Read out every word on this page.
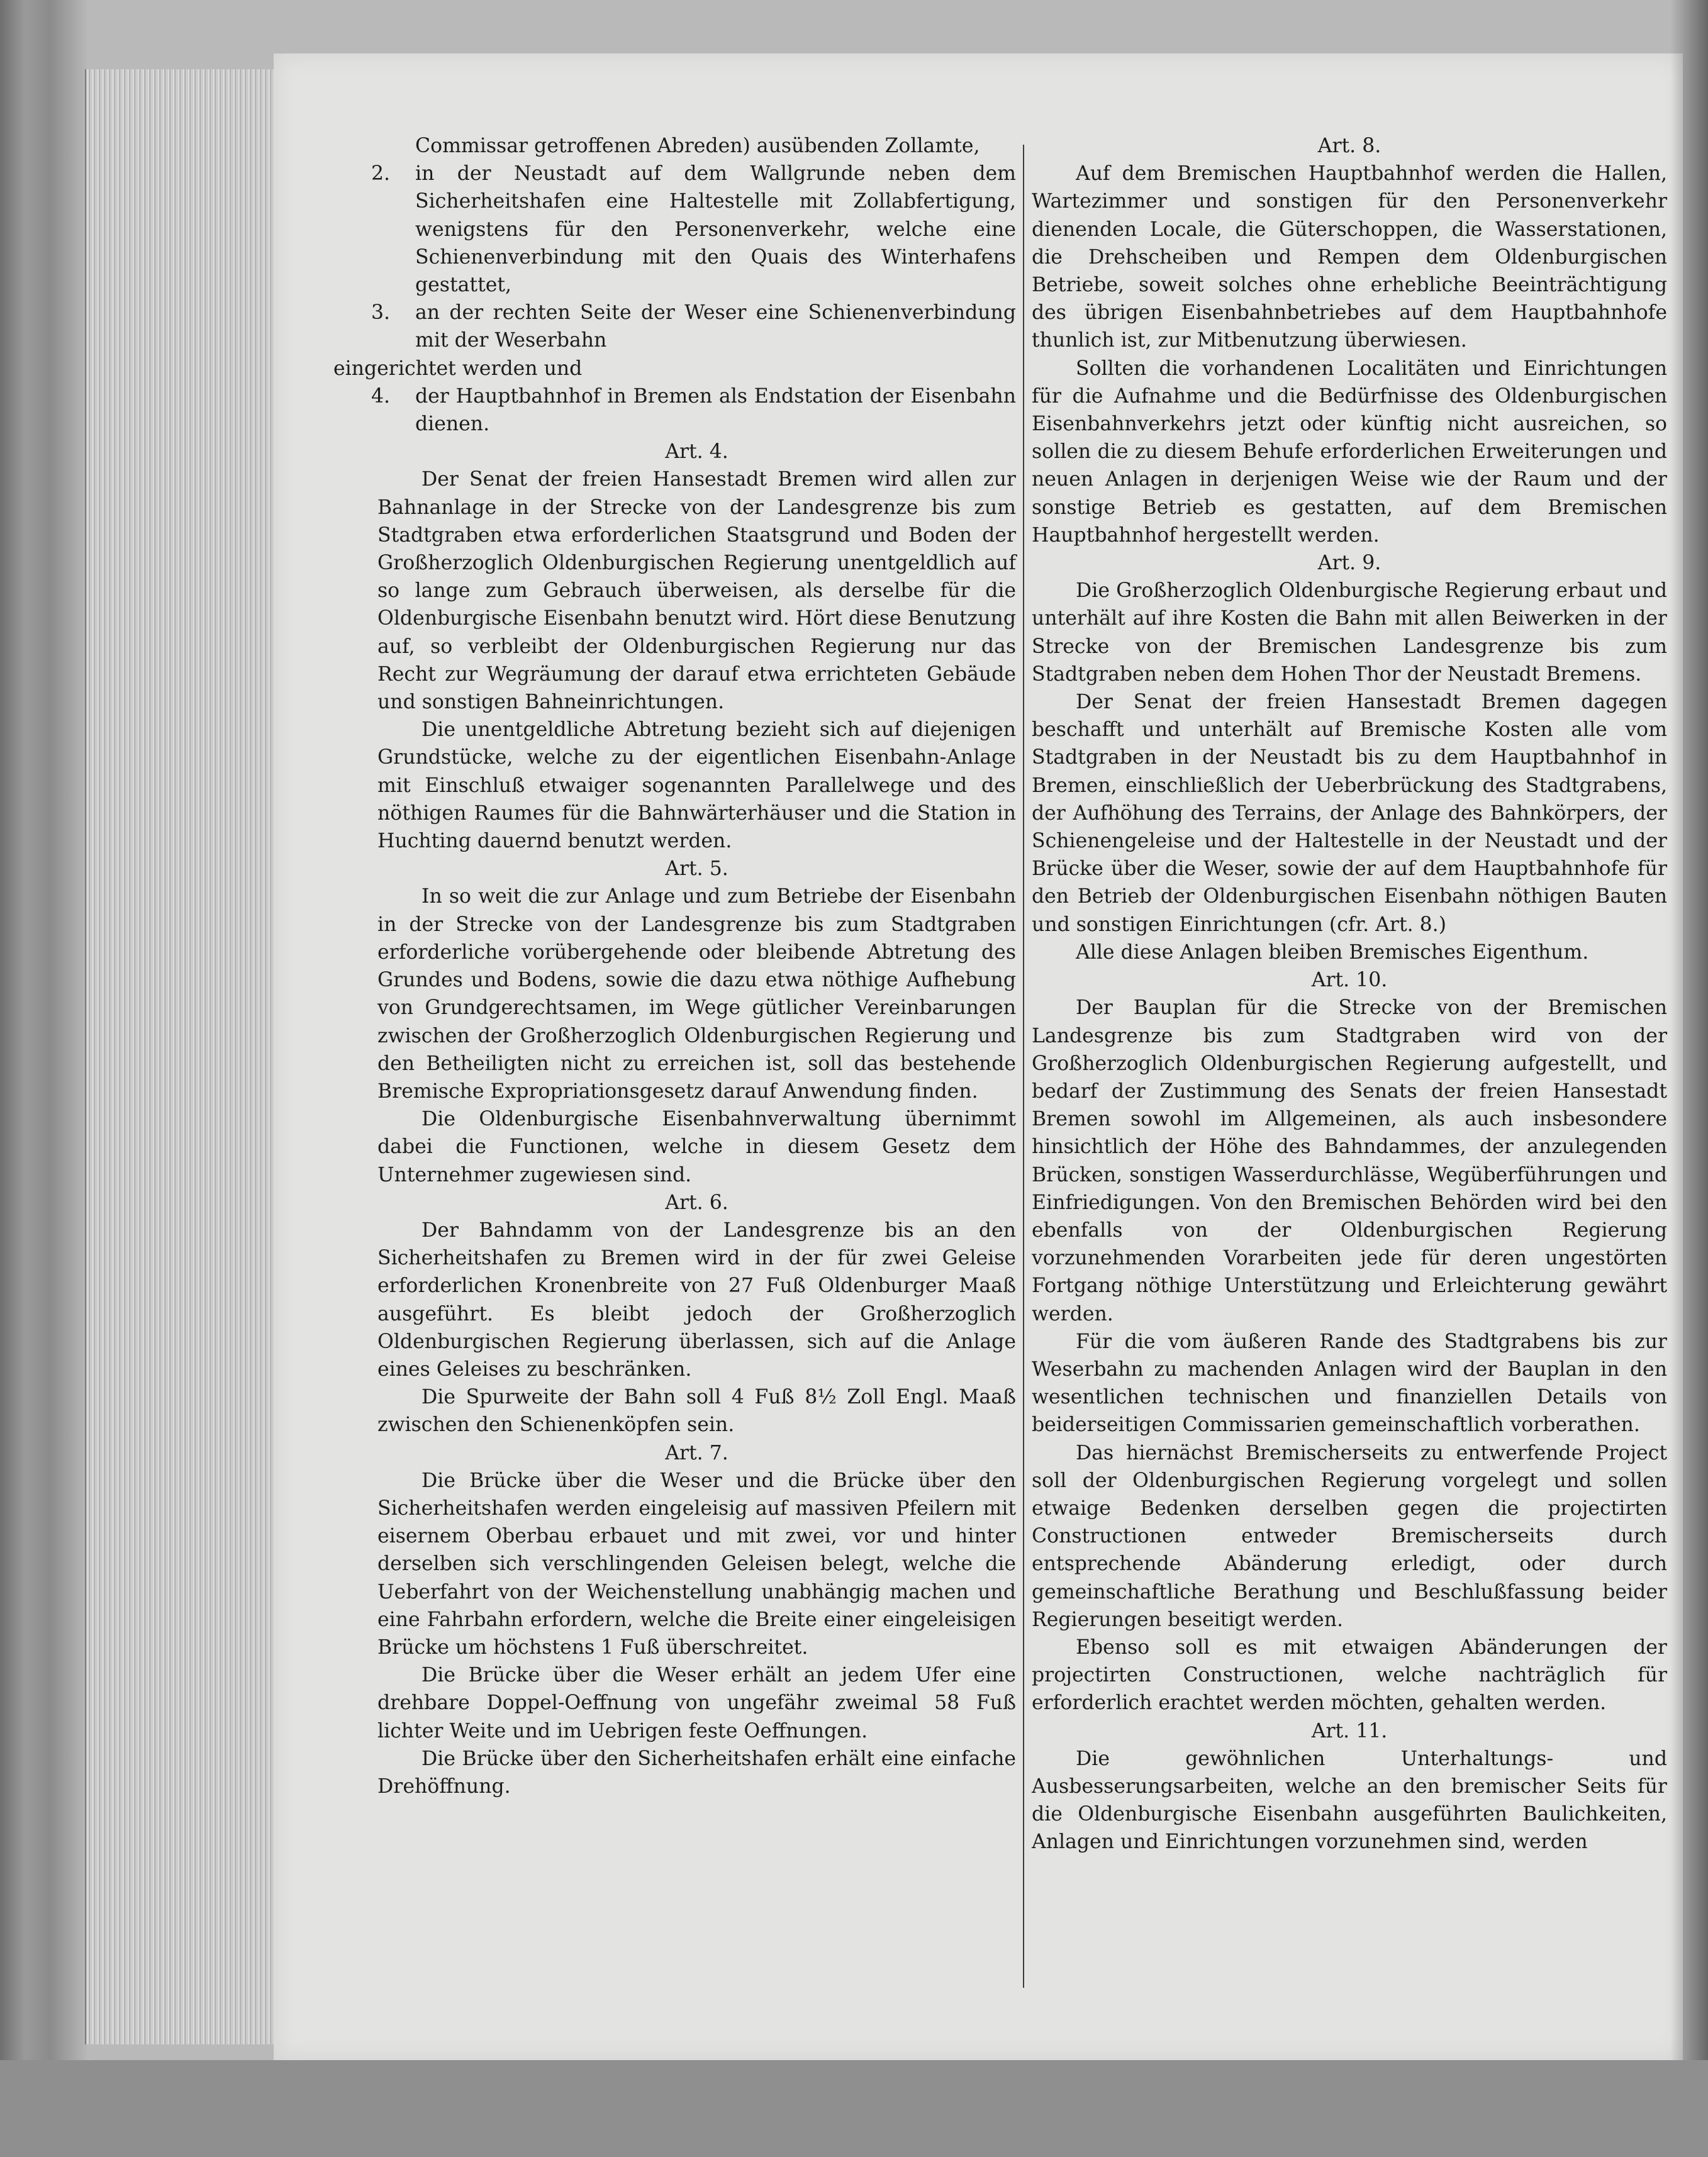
Commissar getroffenen Abreden) ausübenden Zollamte,

2. in der Neustadt auf dem Wallgrunde neben dem Sicherheitshafen eine Haltestelle mit Zollabfertigung, wenigstens für den Personenverkehr, welche eine Schienenverbindung mit den Quais des Winterhafens gestattet,

3. an der rechten Seite der Weser eine Schienenverbindung mit der Weserbahn

eingerichtet werden und

4. der Hauptbahnhof in Bremen als Endstation der Eisenbahn dienen.

Art. 4.

Der Senat der freien Hansestadt Bremen wird allen zur Bahnanlage in der Strecke von der Landesgrenze bis zum Stadtgraben etwa erforderlichen Staatsgrund und Boden der Großherzoglich Oldenburgischen Regierung unentgeldlich auf so lange zum Gebrauch überweisen, als derselbe für die Oldenburgische Eisenbahn benutzt wird. Hört diese Benutzung auf, so verbleibt der Oldenburgischen Regierung nur das Recht zur Wegräumung der darauf etwa errichteten Gebäude und sonstigen Bahneinrichtungen.

Die unentgeldliche Abtretung bezieht sich auf diejenigen Grundstücke, welche zu der eigentlichen Eisenbahn-Anlage mit Einschluß etwaiger sogenannten Parallelwege und des nöthigen Raumes für die Bahnwärterhäuser und die Station in Huchting dauernd benutzt werden.

Art. 5.

In so weit die zur Anlage und zum Betriebe der Eisenbahn in der Strecke von der Landesgrenze bis zum Stadtgraben erforderliche vorübergehende oder bleibende Abtretung des Grundes und Bodens, sowie die dazu etwa nöthige Aufhebung von Grundgerechtsamen, im Wege gütlicher Vereinbarungen zwischen der Großherzoglich Oldenburgischen Regierung und den Betheiligten nicht zu erreichen ist, soll das bestehende Bremische Expropriationsgesetz darauf Anwendung finden.

Die Oldenburgische Eisenbahnverwaltung übernimmt dabei die Functionen, welche in diesem Gesetz dem Unternehmer zugewiesen sind.

Art. 6.

Der Bahndamm von der Landesgrenze bis an den Sicherheitshafen zu Bremen wird in der für zwei Geleise erforderlichen Kronenbreite von 27 Fuß Oldenburger Maaß ausgeführt. Es bleibt jedoch der Großherzoglich Oldenburgischen Regierung überlassen, sich auf die Anlage eines Geleises zu beschränken.

Die Spurweite der Bahn soll 4 Fuß 8½ Zoll Engl. Maaß zwischen den Schienenköpfen sein.

Art. 7.

Die Brücke über die Weser und die Brücke über den Sicherheitshafen werden eingeleisig auf massiven Pfeilern mit eisernem Oberbau erbauet und mit zwei, vor und hinter derselben sich verschlingenden Geleisen belegt, welche die Ueberfahrt von der Weichenstellung unabhängig machen und eine Fahrbahn erfordern, welche die Breite einer eingeleisigen Brücke um höchstens 1 Fuß überschreitet.

Die Brücke über die Weser erhält an jedem Ufer eine drehbare Doppel-Oeffnung von ungefähr zweimal 58 Fuß lichter Weite und im Uebrigen feste Oeffnungen.

Die Brücke über den Sicherheitshafen erhält eine einfache Drehöffnung.

Art. 8.

Auf dem Bremischen Hauptbahnhof werden die Hallen, Wartezimmer und sonstigen für den Personenverkehr dienenden Locale, die Güterschoppen, die Wasserstationen, die Drehscheiben und Rempen dem Oldenburgischen Betriebe, soweit solches ohne erhebliche Beeinträchtigung des übrigen Eisenbahnbetriebes auf dem Hauptbahnhofe thunlich ist, zur Mitbenutzung überwiesen.

Sollten die vorhandenen Localitäten und Einrichtungen für die Aufnahme und die Bedürfnisse des Oldenburgischen Eisenbahnverkehrs jetzt oder künftig nicht ausreichen, so sollen die zu diesem Behufe erforderlichen Erweiterungen und neuen Anlagen in derjenigen Weise wie der Raum und der sonstige Betrieb es gestatten, auf dem Bremischen Hauptbahnhof hergestellt werden.

Art. 9.

Die Großherzoglich Oldenburgische Regierung erbaut und unterhält auf ihre Kosten die Bahn mit allen Beiwerken in der Strecke von der Bremischen Landesgrenze bis zum Stadtgraben neben dem Hohen Thor der Neustadt Bremens.

Der Senat der freien Hansestadt Bremen dagegen beschafft und unterhält auf Bremische Kosten alle vom Stadtgraben in der Neustadt bis zu dem Hauptbahnhof in Bremen, einschließlich der Ueberbrückung des Stadtgrabens, der Aufhöhung des Terrains, der Anlage des Bahnkörpers, der Schienengeleise und der Haltestelle in der Neustadt und der Brücke über die Weser, sowie der auf dem Hauptbahnhofe für den Betrieb der Oldenburgischen Eisenbahn nöthigen Bauten und sonstigen Einrichtungen (cfr. Art. 8.)

Alle diese Anlagen bleiben Bremisches Eigenthum.

Art. 10.

Der Bauplan für die Strecke von der Bremischen Landesgrenze bis zum Stadtgraben wird von der Großherzoglich Oldenburgischen Regierung aufgestellt, und bedarf der Zustimmung des Senats der freien Hansestadt Bremen sowohl im Allgemeinen, als auch insbesondere hinsichtlich der Höhe des Bahndammes, der anzulegenden Brücken, sonstigen Wasserdurchlässe, Wegüberführungen und Einfriedigungen. Von den Bremischen Behörden wird bei den ebenfalls von der Oldenburgischen Regierung vorzunehmenden Vorarbeiten jede für deren ungestörten Fortgang nöthige Unterstützung und Erleichterung gewährt werden.

Für die vom äußeren Rande des Stadtgrabens bis zur Weserbahn zu machenden Anlagen wird der Bauplan in den wesentlichen technischen und finanziellen Details von beiderseitigen Commissarien gemeinschaftlich vorberathen.

Das hiernächst Bremischerseits zu entwerfende Project soll der Oldenburgischen Regierung vorgelegt und sollen etwaige Bedenken derselben gegen die projectirten Constructionen entweder Bremischerseits durch entsprechende Abänderung erledigt, oder durch gemeinschaftliche Berathung und Beschlußfassung beider Regierungen beseitigt werden.

Ebenso soll es mit etwaigen Abänderungen der projectirten Constructionen, welche nachträglich für erforderlich erachtet werden möchten, gehalten werden.

Art. 11.

Die gewöhnlichen Unterhaltungs- und Ausbesserungsarbeiten, welche an den bremischer Seits für die Oldenburgische Eisenbahn ausgeführten Baulichkeiten, Anlagen und Einrichtungen vorzunehmen sind, werden
